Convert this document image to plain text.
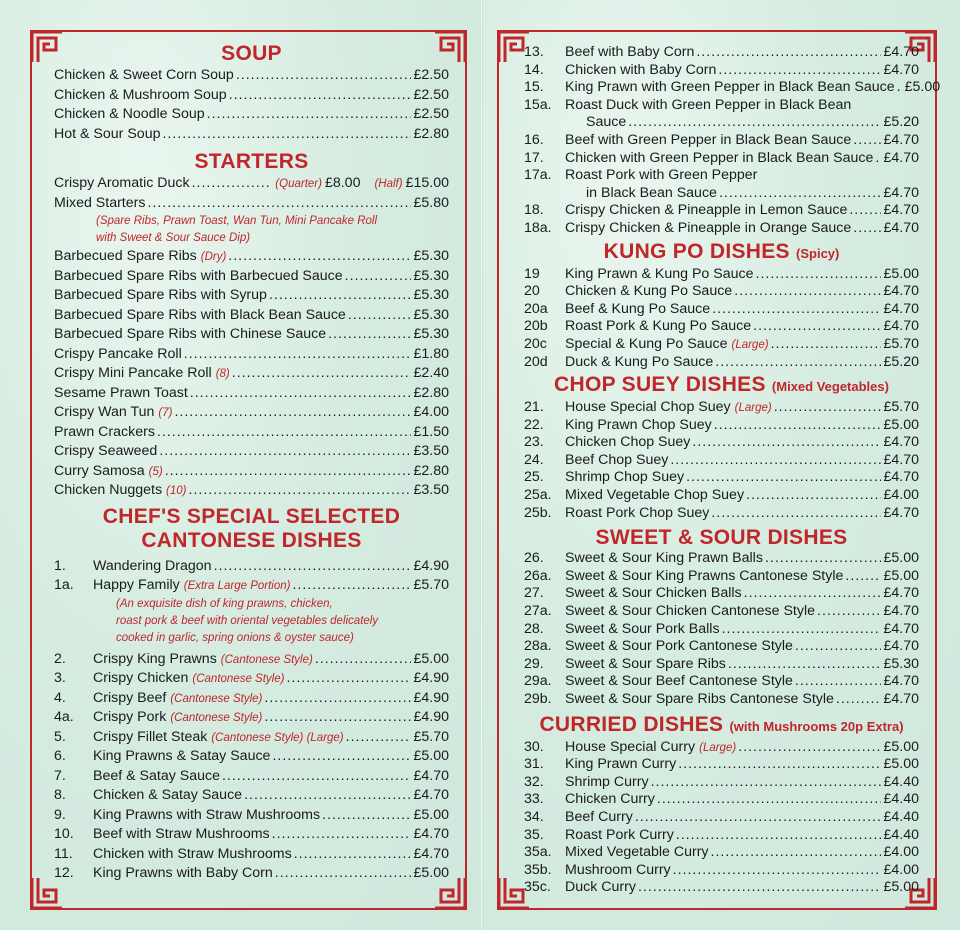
SOUP
Chicken & Sweet Corn Soup .....	£2.50
Chicken & Mushroom Soup .....	£2.50
Chicken & Noodle Soup .....	£2.50
Hot & Sour Soup .....	£2.80
STARTERS
Crispy Aromatic Duck .....	(Quarter) £8.00 (Half) £15.00
Mixed Starters .....	£5.80
(Spare Ribs, Prawn Toast, Wan Tun, Mini Pancake Roll
with Sweet & Sour Sauce Dip)
Barbecued Spare Ribs (Dry) .....	£5.30
Barbecued Spare Ribs with Barbecued Sauce .....	£5.30
Barbecued Spare Ribs with Syrup .....	£5.30
Barbecued Spare Ribs with Black Bean Sauce .....	£5.30
Barbecued Spare Ribs with Chinese Sauce .....	£5.30
Crispy Pancake Roll .....	£1.80
Crispy Mini Pancake Roll (8) .....	£2.40
Sesame Prawn Toast .....	£2.80
Crispy Wan Tun (7) .....	£4.00
Prawn Crackers .....	£1.50
Crispy Seaweed .....	£3.50
Curry Samosa (5) .....	£2.80
Chicken Nuggets (10) .....	£3.50
CHEF'S SPECIAL SELECTED
CANTONESE DISHES
1.	Wandering Dragon .....	£4.90
1a.	Happy Family (Extra Large Portion) .....	£5.70
(An exquisite dish of king prawns, chicken,
roast pork & beef with oriental vegetables delicately
cooked in garlic, spring onions & oyster sauce)
2.	Crispy King Prawns (Cantonese Style) .....	£5.00
3.	Crispy Chicken (Cantonese Style) .....	£4.90
4.	Crispy Beef (Cantonese Style) .....	£4.90
4a.	Crispy Pork (Cantonese Style) .....	£4.90
5.	Crispy Fillet Steak (Cantonese Style) (Large) .....	£5.70
6.	King Prawns & Satay Sauce .....	£5.00
7.	Beef & Satay Sauce .....	£4.70
8.	Chicken & Satay Sauce .....	£4.70
9.	King Prawns with Straw Mushrooms .....	£5.00
10.	Beef with Straw Mushrooms .....	£4.70
11.	Chicken with Straw Mushrooms .....	£4.70
12.	King Prawns with Baby Corn .....	£5.00
13.	Beef with Baby Corn .....	£4.70
14.	Chicken with Baby Corn .....	£4.70
15.	King Prawn with Green Pepper in Black Bean Sauce ..... £5.00
15a. Roast Duck with Green Pepper in Black Bean
Sauce .....	£5.20
16.	Beef with Green Pepper in Black Bean Sauce ..... £4.70
17.	Chicken with Green Pepper in Black Bean Sauce ..... £4.70
17a. Roast Pork with Green Pepper
in Black Bean Sauce .....	£4.70
18.	Crispy Chicken & Pineapple in Lemon Sauce .....	£4.70
18a. Crispy Chicken & Pineapple in Orange Sauce ..... £4.70
KUNG PO DISHES (Spicy)
19	King Prawn & Kung Po Sauce .....	£5.00
20	Chicken & Kung Po Sauce .....	£4.70
20a	Beef & Kung Po Sauce .....	£4.70
20b	Roast Pork & Kung Po Sauce .....	£4.70
20c	Special & Kung Po Sauce (Large) .....	£5.70
20d	Duck & Kung Po Sauce .....	£5.20
CHOP SUEY DISHES (Mixed Vegetables)
21.	House Special Chop Suey (Large) .....	£5.70
22.	King Prawn Chop Suey .....	£5.00
23.	Chicken Chop Suey .....	£4.70
24.	Beef Chop Suey .....	£4.70
25.	Shrimp Chop Suey .....	£4.70
25a. Mixed Vegetable Chop Suey .....	£4.00
25b. Roast Pork Chop Suey .....	£4.70
SWEET & SOUR DISHES
26.	Sweet & Sour King Prawn Balls .....	£5.00
26a. Sweet & Sour King Prawns Cantonese Style .....	£5.00
27.	Sweet & Sour Chicken Balls .....	£4.70
27a. Sweet & Sour Chicken Cantonese Style .....	£4.70
28.	Sweet & Sour Pork Balls .....	£4.70
28a. Sweet & Sour Pork Cantonese Style .....	£4.70
29.	Sweet & Sour Spare Ribs .....	£5.30
29a. Sweet & Sour Beef Cantonese Style .....	£4.70
29b. Sweet & Sour Spare Ribs Cantonese Style .....	£4.70
CURRIED DISHES (with Mushrooms 20p Extra)
30.	House Special Curry (Large) .....	£5.00
31.	King Prawn Curry .....	£5.00
32.	Shrimp Curry .....	£4.40
33.	Chicken Curry .....	£4.40
34.	Beef Curry .....	£4.40
35.	Roast Pork Curry .....	£4.40
35a. Mixed Vegetable Curry .....	£4.00
35b. Mushroom Curry .....	£4.00
35c. Duck Curry .....	£5.00
